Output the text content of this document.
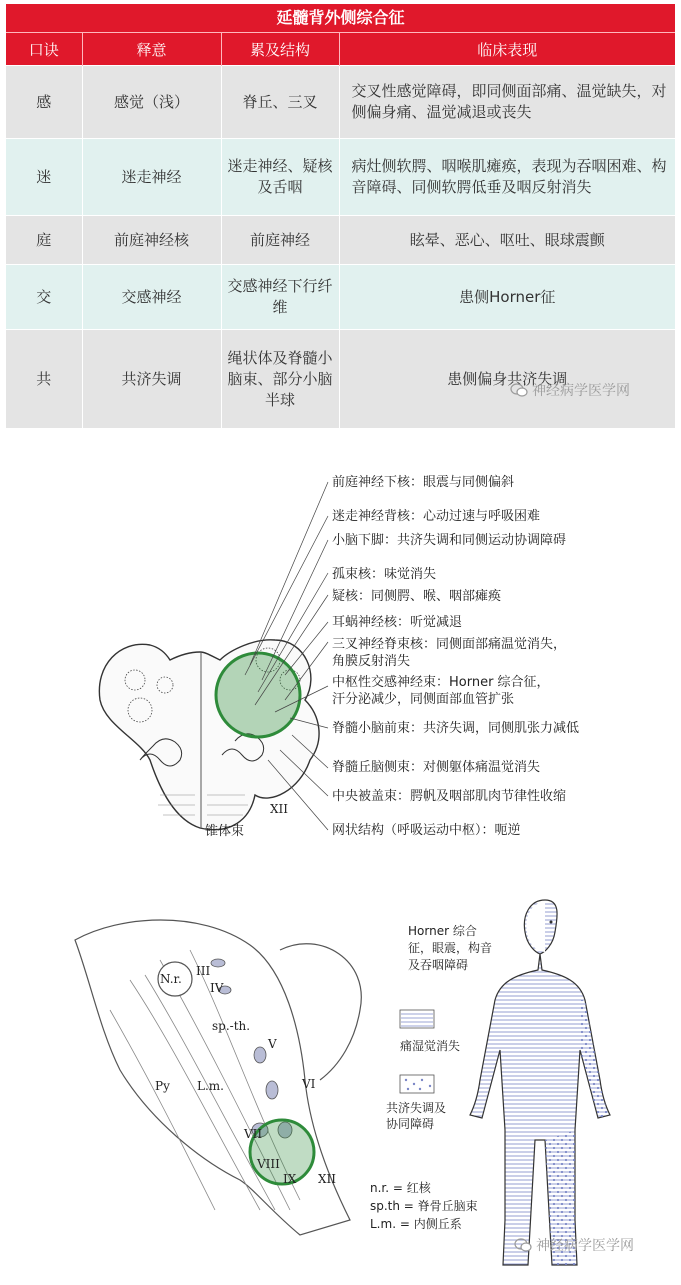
延髓背外侧综合征
口诀	释意	累及结构	临床表现
感	感觉（浅）	脊丘、三叉	交叉性感觉障碍，即同侧面部痛、温觉缺失，对侧偏身痛、温觉减退或丧失
迷	迷走神经	迷走神经、疑核及舌咽	病灶侧软腭、咽喉肌瘫痪，表现为吞咽困难、构音障碍、同侧软腭低垂及咽反射消失
庭	前庭神经核	前庭神经	眩晕、恶心、呕吐、眼球震颤
交	交感神经	交感神经下行纤维	患侧Horner征
共	共济失调	绳状体及脊髓小脑束、部分小脑半球	患侧偏身共济失调
神经病学医学网
前庭神经下核：眼震与同侧偏斜
迷走神经背核：心动过速与呼吸困难
小脑下脚：共济失调和同侧运动协调障碍
孤束核：味觉消失
疑核：同侧腭、喉、咽部瘫痪
耳蜗神经核：听觉减退
三叉神经脊束核：同侧面部痛温觉消失，
角膜反射消失
中枢性交感神经束：Horner 综合征，
汗分泌减少，同侧面部血管扩张
脊髓小脑前束：共济失调，同侧肌张力减低
脊髓丘脑侧束：对侧躯体痛温觉消失
中央被盖束：腭帆及咽部肌肉节律性收缩
网状结构（呼吸运动中枢）：呃逆
锥体束
XII
N.r.
III
IV
sp.-th.
V
VI
Py L.m.
VII
VIII
IX XII
Horner 综合
征，眼震，构音
及吞咽障碍
痛湿觉消失
共济失调及
协同障碍
n.r. = 红核
sp.th = 脊骨丘脑束
L.m. = 内侧丘系
神经病学医学网
